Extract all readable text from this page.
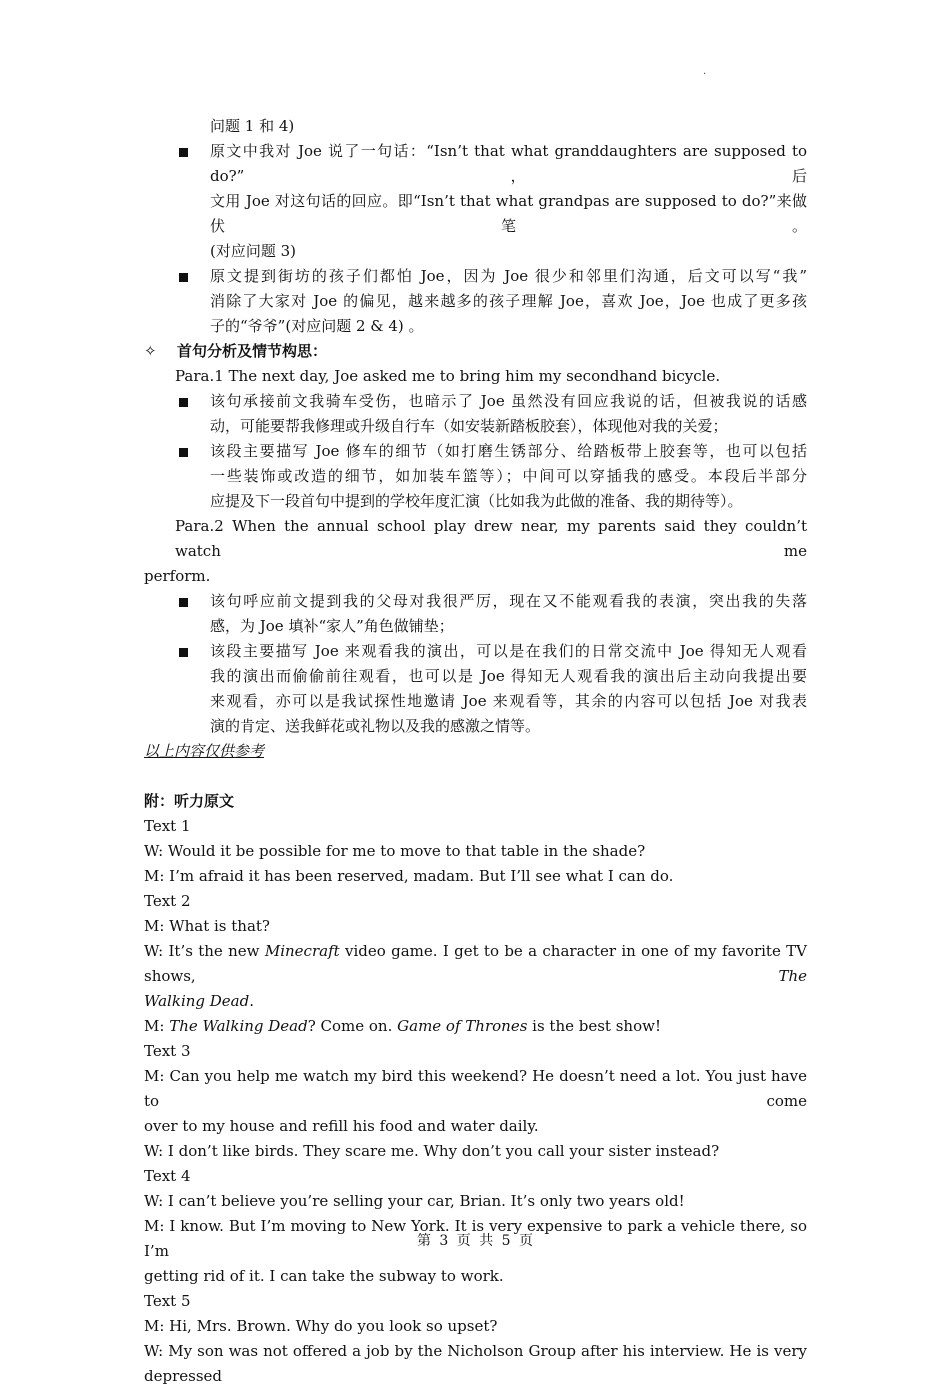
.

问题 1 和 4)

原文中我对 Joe 说了一句话：“Isn’t that what granddaughters are supposed to do?”，后

文用 Joe 对这句话的回应。即“Isn’t that what grandpas are supposed to do?”来做伏笔。

(对应问题 3)

原文提到街坊的孩子们都怕 Joe，因为 Joe 很少和邻里们沟通，后文可以写“我”

消除了大家对 Joe 的偏见，越来越多的孩子理解 Joe，喜欢 Joe，Joe 也成了更多孩

子的“爷爷”(对应问题 2 & 4) 。

✧ 首句分析及情节构思：

Para.1 The next day, Joe asked me to bring him my secondhand bicycle.

该句承接前文我骑车受伤，也暗示了 Joe 虽然没有回应我说的话，但被我说的话感

动，可能要帮我修理或升级自行车（如安装新踏板胶套），体现他对我的关爱；

该段主要描写 Joe 修车的细节（如打磨生锈部分、给踏板带上胶套等，也可以包括

一些装饰或改造的细节，如加装车篮等）；中间可以穿插我的感受。本段后半部分

应提及下一段首句中提到的学校年度汇演（比如我为此做的准备、我的期待等）。

Para.2 When the annual school play drew near, my parents said they couldn’t watch me

perform.

该句呼应前文提到我的父母对我很严厉，现在又不能观看我的表演，突出我的失落

感，为 Joe 填补“家人”角色做铺垫；

该段主要描写 Joe 来观看我的演出，可以是在我们的日常交流中 Joe 得知无人观看

我的演出而偷偷前往观看，也可以是 Joe 得知无人观看我的演出后主动向我提出要

来观看，亦可以是我试探性地邀请 Joe 来观看等，其余的内容可以包括 Joe 对我表

演的肯定、送我鲜花或礼物以及我的感激之情等。

以上内容仅供参考

附：听力原文

Text 1

W: Would it be possible for me to move to that table in the shade?

M: I’m afraid it has been reserved, madam. But I’ll see what I can do.

Text 2

M: What is that?

W: It’s the new Minecraft video game. I get to be a character in one of my favorite TV shows, The

Walking Dead.

M: The Walking Dead? Come on. Game of Thrones is the best show!

Text 3

M: Can you help me watch my bird this weekend? He doesn’t need a lot. You just have to come

over to my house and refill his food and water daily.

W: I don’t like birds. They scare me. Why don’t you call your sister instead?

Text 4

W: I can’t believe you’re selling your car, Brian. It’s only two years old!

M: I know. But I’m moving to New York. It is very expensive to park a vehicle there, so I’m

getting rid of it. I can take the subway to work.

Text 5

M: Hi, Mrs. Brown. Why do you look so upset?

W: My son was not offered a job by the Nicholson Group after his interview. He is very depressed

第 3 页 共 5 页
